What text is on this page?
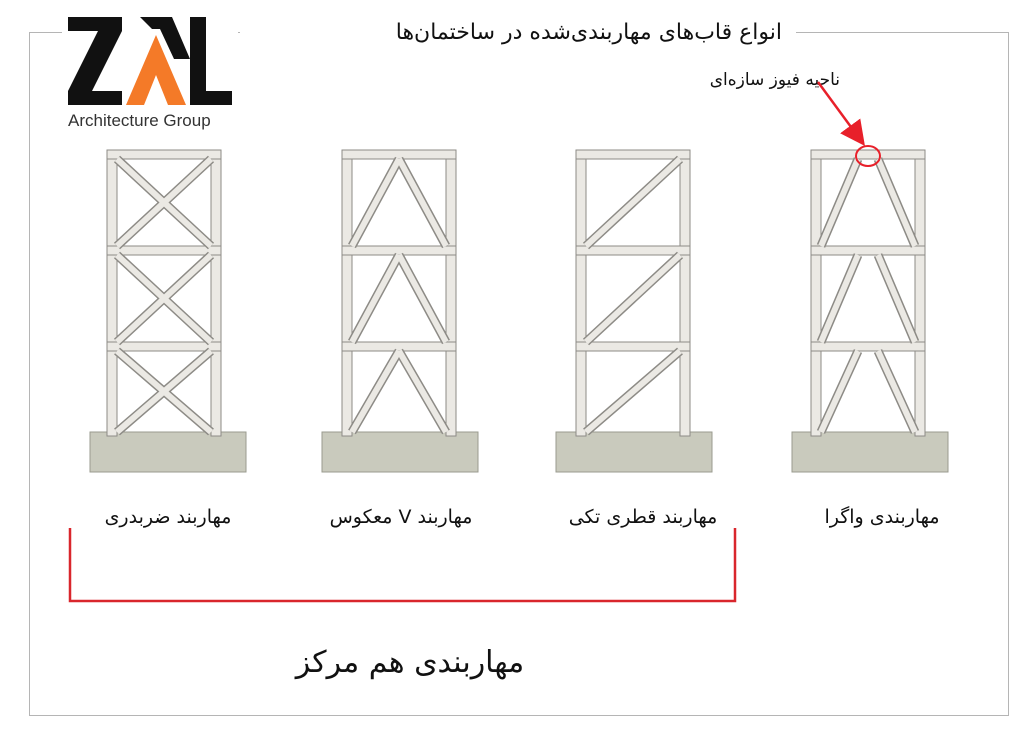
Architecture Group
انواع قاب‌های مهاربندی‌شده در ساختمان‌ها
ناحیه فیوز سازه‌ای
مهاربند ضربدری	مهاربند V معکوس	مهاربند قطری تکی	مهاربندی واگرا
مهاربندی هم مرکز
